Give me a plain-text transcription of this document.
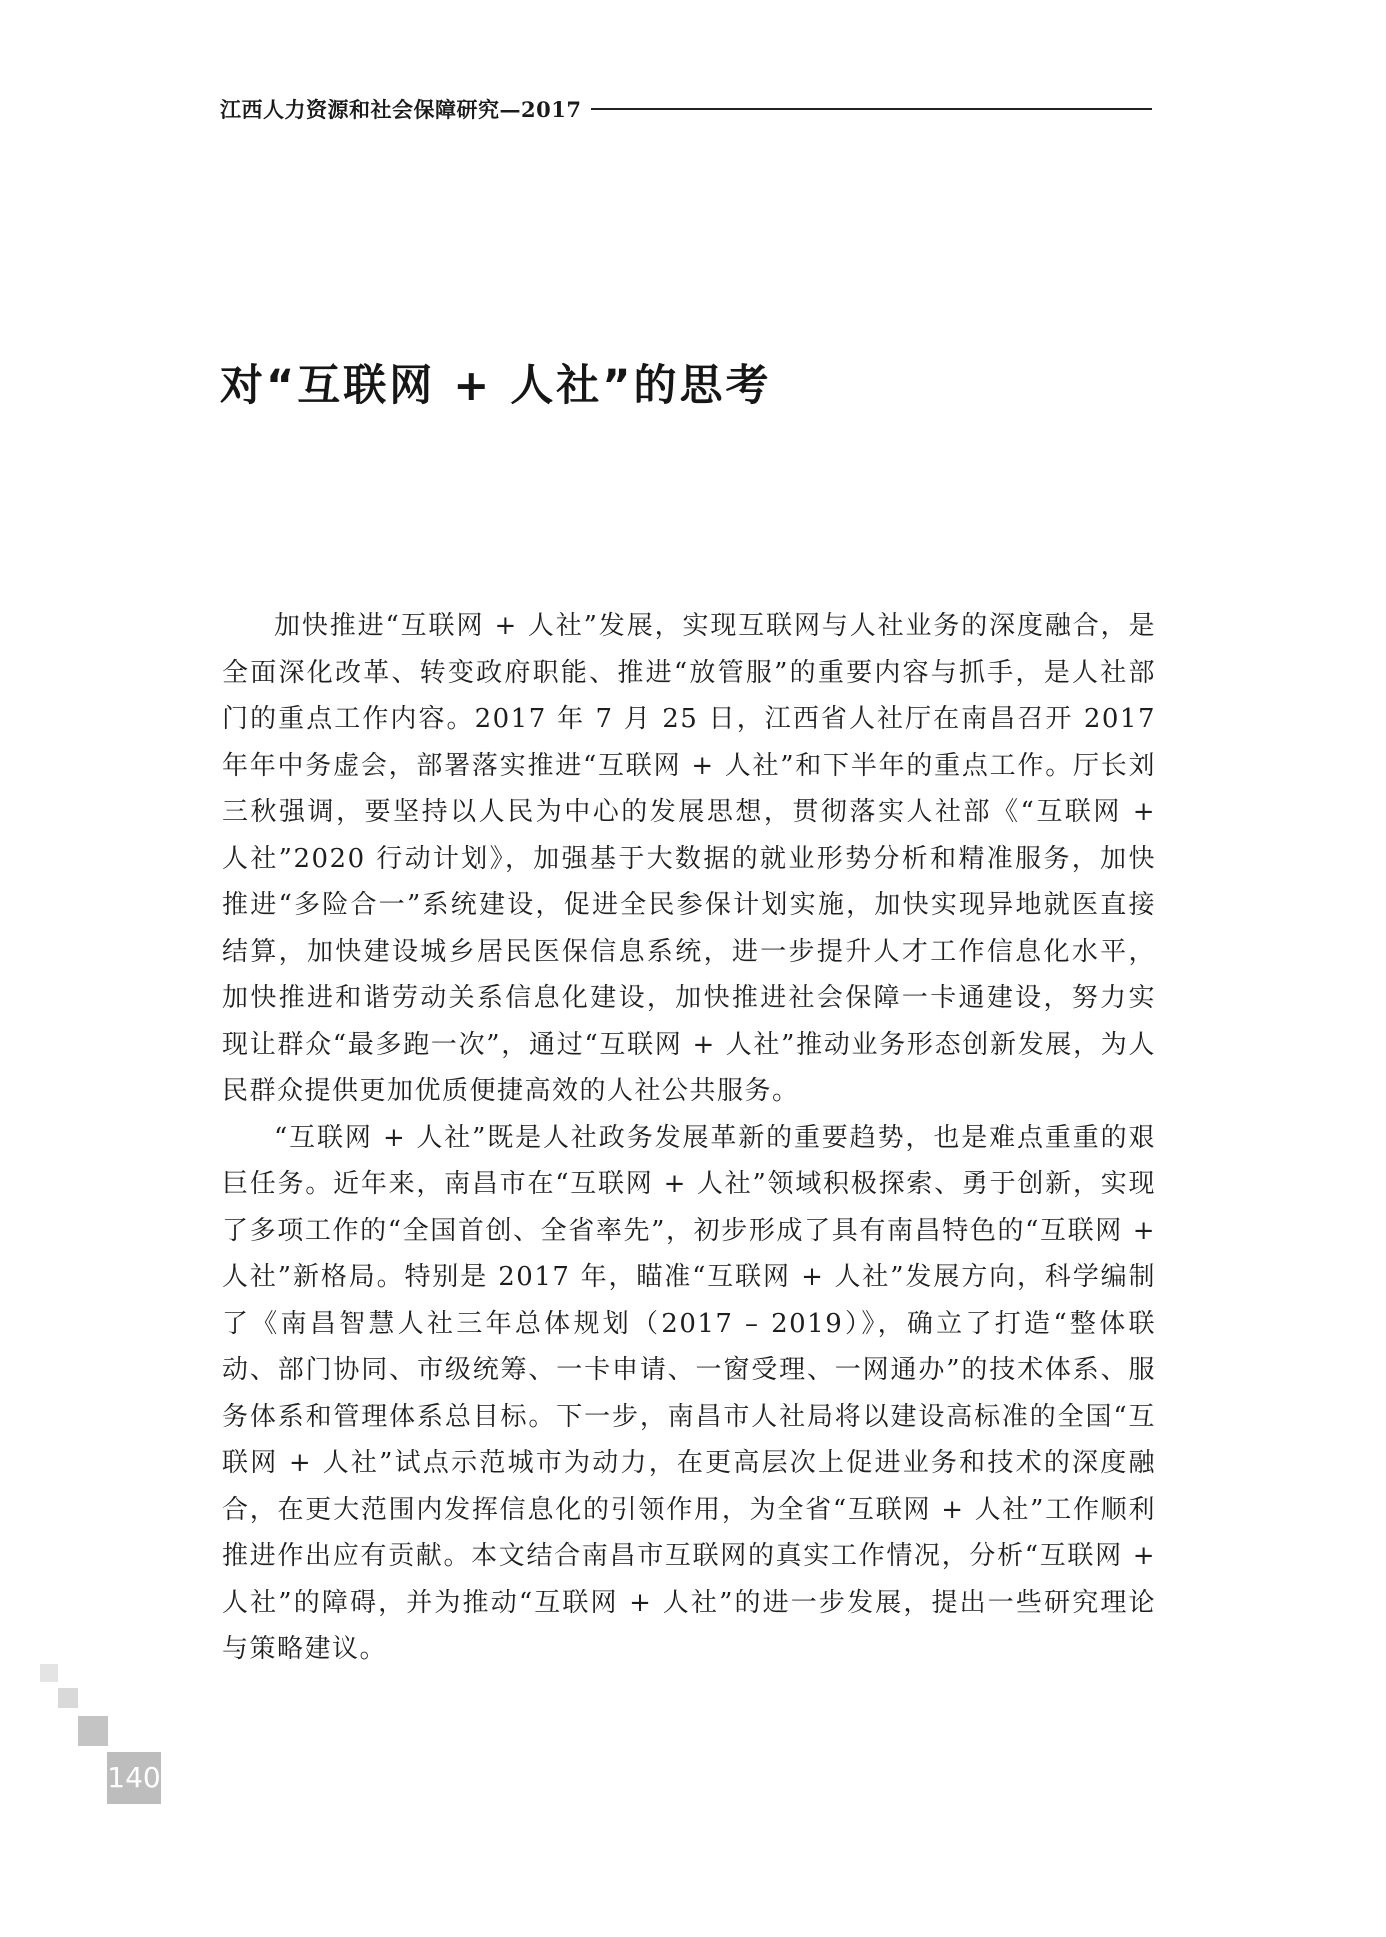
江西人力资源和社会保障研究—2017
对“互联网 + 人社”的思考

加快推进“互联网 + 人社”发展，实现互联网与人社业务的深度融合，是全面深化改革、转变政府职能、推进“放管服”的重要内容与抓手，是人社部门的重点工作内容。2017 年 7 月 25 日，江西省人社厅在南昌召开 2017 年年中务虚会，部署落实推进“互联网 + 人社”和下半年的重点工作。厅长刘三秋强调，要坚持以人民为中心的发展思想，贯彻落实人社部《“互联网 + 人社”2020 行动计划》，加强基于大数据的就业形势分析和精准服务，加快推进“多险合一”系统建设，促进全民参保计划实施，加快实现异地就医直接结算，加快建设城乡居民医保信息系统，进一步提升人才工作信息化水平，加快推进和谐劳动关系信息化建设，加快推进社会保障一卡通建设，努力实现让群众“最多跑一次”，通过“互联网 + 人社”推动业务形态创新发展，为人民群众提供更加优质便捷高效的人社公共服务。

“互联网 + 人社”既是人社政务发展革新的重要趋势，也是难点重重的艰巨任务。近年来，南昌市在“互联网 + 人社”领域积极探索、勇于创新，实现了多项工作的“全国首创、全省率先”，初步形成了具有南昌特色的“互联网 + 人社”新格局。特别是 2017 年，瞄准“互联网 + 人社”发展方向，科学编制了《南昌智慧人社三年总体规划（2017 – 2019）》，确立了打造“整体联动、部门协同、市级统筹、一卡申请、一窗受理、一网通办”的技术体系、服务体系和管理体系总目标。下一步，南昌市人社局将以建设高标准的全国“互联网 + 人社”试点示范城市为动力，在更高层次上促进业务和技术的深度融合，在更大范围内发挥信息化的引领作用，为全省“互联网 + 人社”工作顺利推进作出应有贡献。本文结合南昌市互联网的真实工作情况，分析“互联网 + 人社”的障碍，并为推动“互联网 + 人社”的进一步发展，提出一些研究理论与策略建议。

140
